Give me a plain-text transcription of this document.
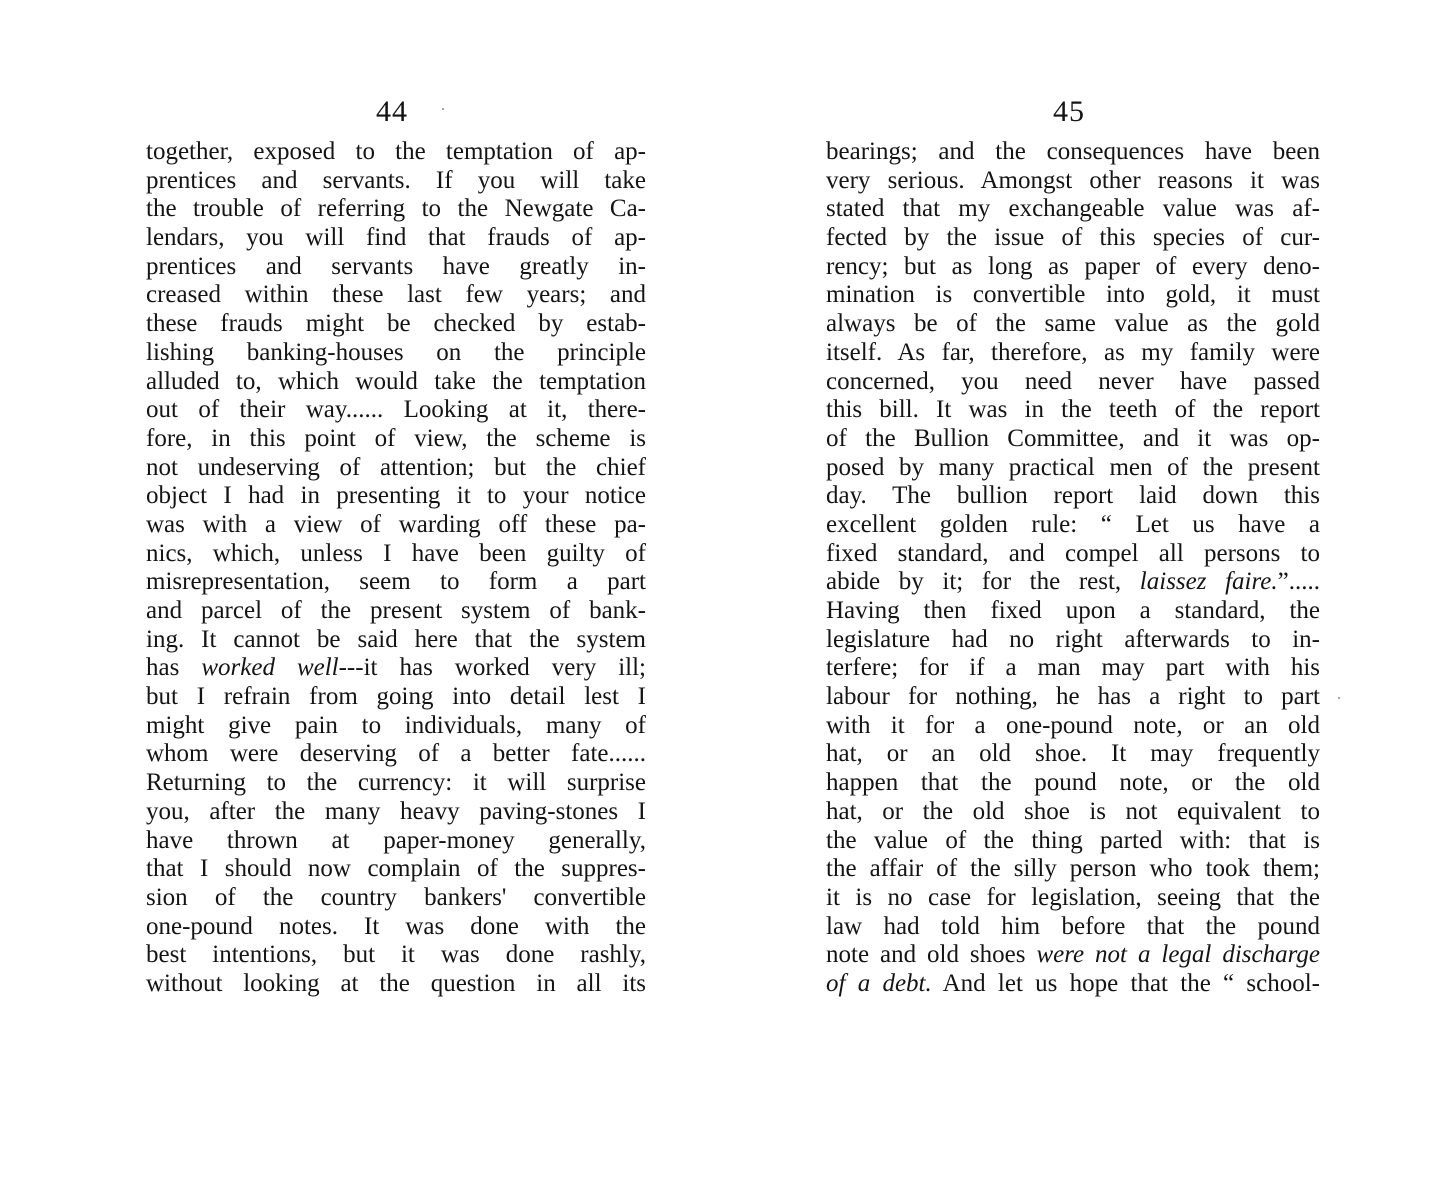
44
together, exposed to the temptation of ap-
prentices and servants. If you will take
the trouble of referring to the Newgate Ca-
lendars, you will find that frauds of ap-
prentices and servants have greatly in-
creased within these last few years; and
these frauds might be checked by estab-
lishing banking-houses on the principle
alluded to, which would take the temptation
out of their way...... Looking at it, there-
fore, in this point of view, the scheme is
not undeserving of attention; but the chief
object I had in presenting it to your notice
was with a view of warding off these pa-
nics, which, unless I have been guilty of
misrepresentation, seem to form a part
and parcel of the present system of bank-
ing. It cannot be said here that the system
has worked well---it has worked very ill;
but I refrain from going into detail lest I
might give pain to individuals, many of
whom were deserving of a better fate......
Returning to the currency: it will surprise
you, after the many heavy paving-stones I
have thrown at paper-money generally,
that I should now complain of the suppres-
sion of the country bankers' convertible
one-pound notes. It was done with the
best intentions, but it was done rashly,
without looking at the question in all its
45
bearings; and the consequences have been
very serious. Amongst other reasons it was
stated that my exchangeable value was af-
fected by the issue of this species of cur-
rency; but as long as paper of every deno-
mination is convertible into gold, it must
always be of the same value as the gold
itself. As far, therefore, as my family were
concerned, you need never have passed
this bill. It was in the teeth of the report
of the Bullion Committee, and it was op-
posed by many practical men of the present
day. The bullion report laid down this
excellent golden rule: “ Let us have a
fixed standard, and compel all persons to
abide by it; for the rest, laissez faire.”.....
Having then fixed upon a standard, the
legislature had no right afterwards to in-
terfere; for if a man may part with his
labour for nothing, he has a right to part
with it for a one-pound note, or an old
hat, or an old shoe. It may frequently
happen that the pound note, or the old
hat, or the old shoe is not equivalent to
the value of the thing parted with: that is
the affair of the silly person who took them;
it is no case for legislation, seeing that the
law had told him before that the pound
note and old shoes were not a legal discharge
of a debt. And let us hope that the “ school-
